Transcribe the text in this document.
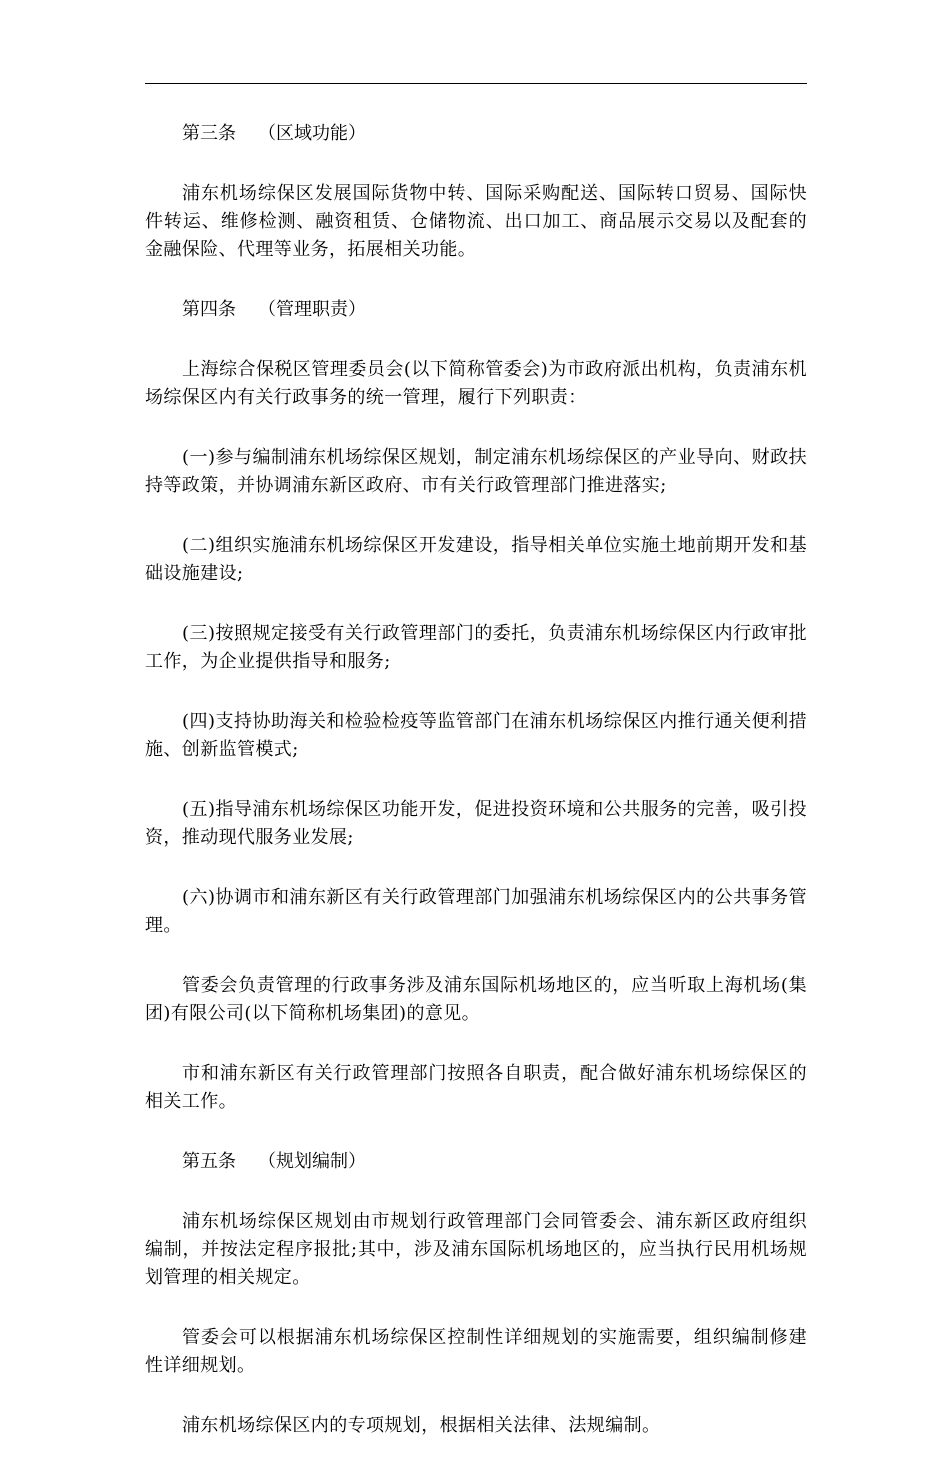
第三条 （区域功能）

浦东机场综保区发展国际货物中转、国际采购配送、国际转口贸易、国际快件转运、维修检测、融资租赁、仓储物流、出口加工、商品展示交易以及配套的金融保险、代理等业务，拓展相关功能。

第四条 （管理职责）

上海综合保税区管理委员会(以下简称管委会)为市政府派出机构，负责浦东机场综保区内有关行政事务的统一管理，履行下列职责：

(一)参与编制浦东机场综保区规划，制定浦东机场综保区的产业导向、财政扶持等政策，并协调浦东新区政府、市有关行政管理部门推进落实;

(二)组织实施浦东机场综保区开发建设，指导相关单位实施土地前期开发和基础设施建设;

(三)按照规定接受有关行政管理部门的委托，负责浦东机场综保区内行政审批工作，为企业提供指导和服务;

(四)支持协助海关和检验检疫等监管部门在浦东机场综保区内推行通关便利措施、创新监管模式;

(五)指导浦东机场综保区功能开发，促进投资环境和公共服务的完善，吸引投资，推动现代服务业发展;

(六)协调市和浦东新区有关行政管理部门加强浦东机场综保区内的公共事务管理。

管委会负责管理的行政事务涉及浦东国际机场地区的，应当听取上海机场(集团)有限公司(以下简称机场集团)的意见。

市和浦东新区有关行政管理部门按照各自职责，配合做好浦东机场综保区的相关工作。

第五条 （规划编制）

浦东机场综保区规划由市规划行政管理部门会同管委会、浦东新区政府组织编制，并按法定程序报批;其中，涉及浦东国际机场地区的，应当执行民用机场规划管理的相关规定。

管委会可以根据浦东机场综保区控制性详细规划的实施需要，组织编制修建性详细规划。

浦东机场综保区内的专项规划，根据相关法律、法规编制。
